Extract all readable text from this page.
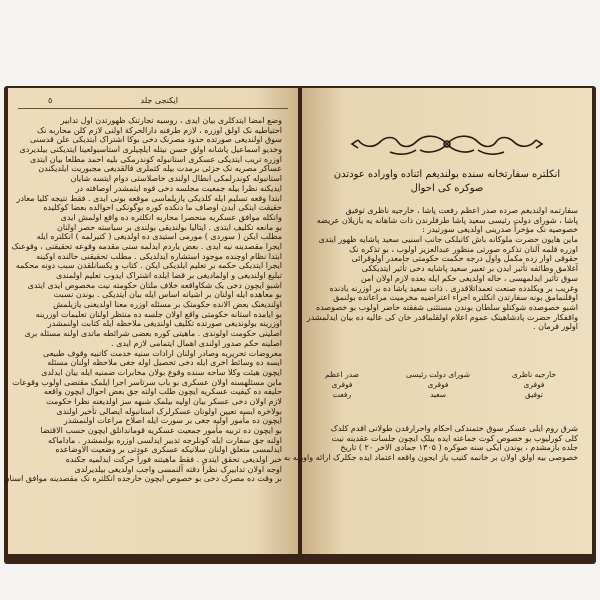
٥	ایکنجی جلد
وضع امضا ایتدکلری بیان ایدی ، روسیه تجارتنک ظهورتدن اول تدابیر
احتیاطیه نک اولق اوزره ، لازم طرفنه دارالحرکة اولنی لازم کلن محاربه نک
سوق اولندیغی صورتده حدود مصرنک دخی بوکا اشتراک ایتدیکی علن قدسنی
وخدیو اسماعیل پاشانه اولق حسن نیتله ایلچیلری استاسبولعینا ایتدیکنی بیلدیردی
اوزره تریب ایتدیکی عسکری استانبوله کوندرمکی بلیه احمد مطلعا بیان ایتدی
عساکر مصریه نک جزئی برمدت بیله کتملری قالقدیغی مجبوریت ایلدیکندن
استانبوله کوندرلمکی ابطال اولندی خاصلاستی دوام ایتسه شایان
ایدیکنه نظرا بیله جمعیت مجلسه دخی قوه ایتمشدر اوصافته در
ابتدا وقعه تسلیم ایله کلدیکی یازیلماسی موقعه بونی ایدی . فقط نتیجه کلیا معادر
حقیقت ایتکی ایدن اوصاف ما دنکده کوره بوگونکی احوالده بعضا کوکلیده
وانکله موافق عسکریه منحصرا محاربه انکلتره ده واقع اولمش ایدی
بو مانعه تکلیف ایتدی . ایتالیا بولندیقی بولندی بر سیاسته حصر اولنان
مطلب ایکن ( سوردی ) مورمی استیدی ده اولدیغی ( کتیرلمه ) انکلتره ایله
ایجرا مقصدینه نیه ایدی . بعض یاردم ایدلمه سنی مقدمه وقوعه تحقیقنی ، وقوعنک
ابتدا نظام اوچنده موجود استشاره ایدلدیکی . مطلب تحقیقنی حالنده اوکینه
ایجرا ایتدیکی حکمه بر تعلیم ایلدیکی ایکن . کتاب و یکسانلقدن سبب دونه محکمه
تبلیغ اولندیغی و اولمادیغی بر قضا ایلده اشتراک ایدوب تعلیم اولمندی
اشبو ایچون دخی یک شکاواقعه خلاف ملتان حکومته نیت مخصوص ایدی ایتدی
بو معاهده ایله اولنان بر اشیانه اساس ایله بیان ایتدیکی . بوندن نسبت
اولندیغنک بعض الانده حکومتک بر مسئله اوزره معنا اولدیغنی یازیلمش
بو ایامده استانه حکومتی واقع اولان جلسه ده منتظر اولنان تعلیمات اوزرینه
اوزرینه بولوندیغی صورتده تکلیف اولندیغی ملاحظه ایله کتابت اولنمشدر
اصلینی حکومت اولوندی . ماهیتی کوره بعضی شرائطه ماتدی اولنه مسئله بری
اصلینه حکم صدور اولندی اهمال ایتمامی لازم ایدی .
معروضات تحریریه وصادر اولنان ارادات سنیه خدمت کاتبیه وقوف طبیعی
ایسه ده وسائط اخری ایله دخی تحصیل اوله جغی ملاحظه اولنان مسئله
ایچون هیئت وکلا ساحه سنده وقوع بولان مخابرات ضمنیه ایله بیان ایدلدی
ماین مسئلهسنه اولان عسکری بو باب سرتاسر اجرا ایلمک مقتضی اولوب وقوعات
حلیفه ده کیفیت عسکریه ایچون طلب اولنه جق بعض احوال ایچون واقعه
لازم اولان دخی عسکر بیان اولیه بیلمک شبهه سز اولدیغنه نظرا حکومت
بولاخره ایسه تعیین اولونان عسکرلرک استانبوله ایصالی تأخیر اولندی
ایچون ده مأمور اولیه جغی بر سورت ایله اصلاح مراعات اولنمشدر
بو ایچون ده تربیه مأمور جمعیت عسکریه قوماندانلق ایچون حسب الاقتضا
اولنه جق سفارت ایله کونلرجه تدبیر ایدلسی اوزره بولنمشدر . ماداماکه
ایدلمسی متعلق اولنان سلانیکه عسکری عودتی بر وضعیت الاوضاعده
خبر اولدیغی تحقق ایتدی . فقط ماهیتنه فوراً حرکت ایدلمیه جکنده
اوجه اولان تدابیرک نظراً دقته آلنمسی واجب اولدیغی بیلدیرلدی
بر وقت ده مصرک دخی بو خصوص ایچون خارجده انکلتره نک مقصدینه موافق اسنان
انکلتره سفارتخانه سنده بولندیغم اثناده واوراده عودتدن
صوکره کی احوال
سفارتمه اولندیغم صرده صدر اعظم رفعت پاشا ، خارجیه ناظری توفیق
پاشا ، شورای دولت رئیسی سعید پاشا طرفلرندن ذات شاهانه یه یازیلان عریضه
خصوصیه نک مؤخراً صدرینی اولدیغی سورتیدر :
ماین هایون حضرت ملوکانه باش کاتبلکی جانب اسنیی سعید پاشایه ظهور ایتدی
اوزره قلمه آلنان تذکره صورتی منظور عبدالعزیز اولوب ، بو تذکره نک
حقوقی اوار زده مکمل واول درجه حکمت حکومتی جامعدر اولوقرائی
آغلامق وظائفه تأثیر ایدن بر تعبیر سعید پاشایه دخی تأثیر ایتدیککی
سوق تأثیر ایدلمهسی ، حاله اولدیغی حکم ایله بعده لازم اولان امن
وغریب بر ویکلدده صنعت تعمداتلاقدری . ذات سعید پاشا ده بر اوزرنه یادنده
اوقلنمامق بونه سفارتدن انکلتره اجراء اعتراضیه مخرمیت مراعاتده بولنمق
اشبو خصوصده شوکتلو سلطان بوندن مستثنی شفقته حاضر اولوب بو خصوصده
واقفکار حضرت پادشاهینک عموم اعلام اولقلماقدر خان کی عالیه ده بیان ایدلمشدر
اولور فرمان .
خارجیه ناظری
فوقری
توفیق
شورای دولت رئیسی
فوقری
سعید
صدر اعظم
فوقری
رفعت
شرق روم ایلی عسکر سوق ختمندکی احکام واحرارقدن طولانی اقدم کلدک
کلی کورلیوب بو خصوص کوت جماعته ایده بیلک ایچون جلسات عقدینه نیت
جلده بازمشدم ، بوندن ایکی سنه صوکره ( ۱۳۰۵ جمادی الاخر ۲۰ ) تاریخ
خصوصی بیه اولق اولان بر خانمه کتیب یاز ایجون واقعه اعتماد ایده جکلرک ارائه واورنه به
